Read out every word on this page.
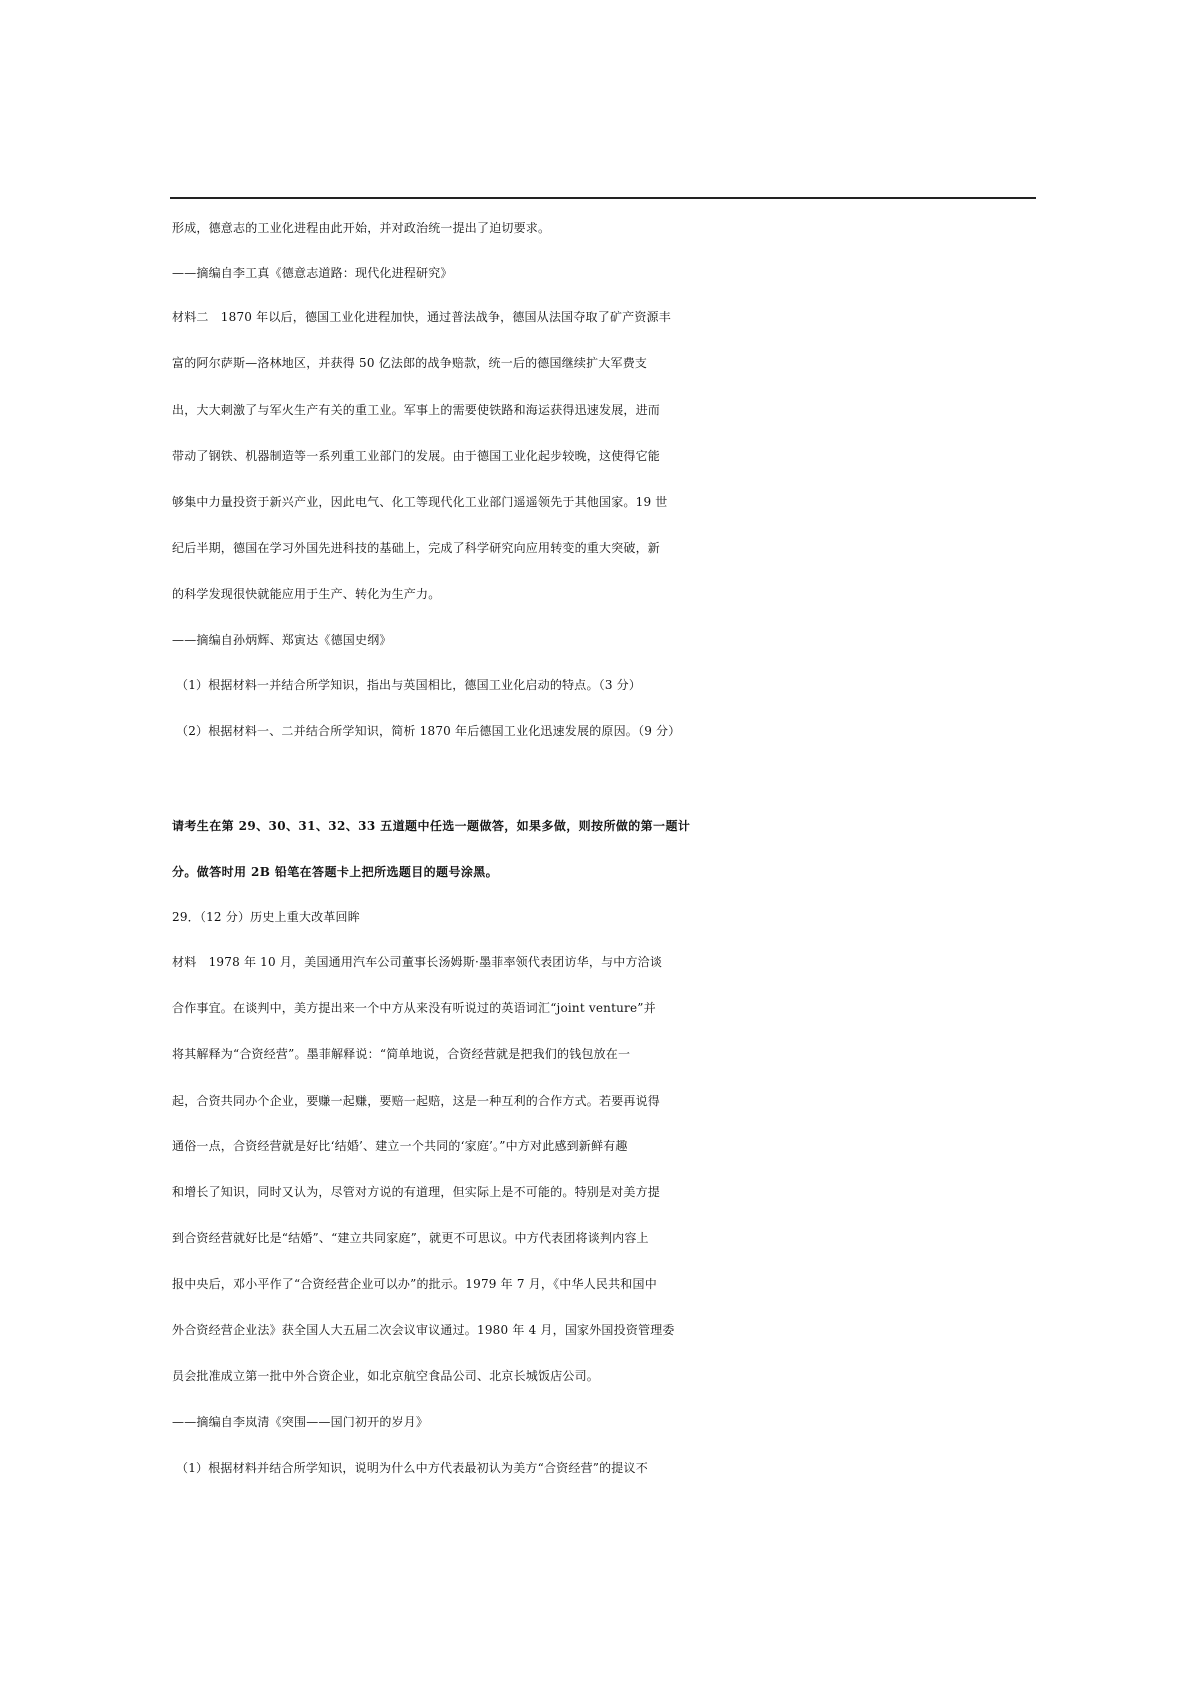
形成，德意志的工业化进程由此开始，并对政治统一提出了迫切要求。
——摘编自李工真《德意志道路：现代化进程研究》
材料二　1870 年以后，德国工业化进程加快，通过普法战争，德国从法国夺取了矿产资源丰
富的阿尔萨斯—洛林地区，并获得 50 亿法郎的战争赔款，统一后的德国继续扩大军费支
出，大大刺激了与军火生产有关的重工业。军事上的需要使铁路和海运获得迅速发展，进而
带动了钢铁、机器制造等一系列重工业部门的发展。由于德国工业化起步较晚，这使得它能
够集中力量投资于新兴产业，因此电气、化工等现代化工业部门遥遥领先于其他国家。19 世
纪后半期，德国在学习外国先进科技的基础上，完成了科学研究向应用转变的重大突破，新
的科学发现很快就能应用于生产、转化为生产力。
——摘编自孙炳辉、郑寅达《德国史纲》
（1）根据材料一并结合所学知识，指出与英国相比，德国工业化启动的特点。（3 分）
（2）根据材料一、二并结合所学知识，简析 1870 年后德国工业化迅速发展的原因。（9 分）
请考生在第 29、30、31、32、33 五道题中任选一题做答，如果多做，则按所做的第一题计
分。做答时用 2B 铅笔在答题卡上把所选题目的题号涂黑。
29．（12 分）历史上重大改革回眸
材料　1978 年 10 月，美国通用汽车公司董事长汤姆斯·墨菲率领代表团访华，与中方洽谈
合作事宜。在谈判中，美方提出来一个中方从来没有听说过的英语词汇“joint venture”并
将其解释为“合资经营”。墨菲解释说：“简单地说，合资经营就是把我们的钱包放在一
起，合资共同办个企业，要赚一起赚，要赔一起赔，这是一种互利的合作方式。若要再说得
通俗一点，合资经营就是好比‘结婚’、建立一个共同的‘家庭’。”中方对此感到新鲜有趣
和增长了知识，同时又认为，尽管对方说的有道理，但实际上是不可能的。特别是对美方提
到合资经营就好比是“结婚”、“建立共同家庭”，就更不可思议。中方代表团将谈判内容上
报中央后，邓小平作了“合资经营企业可以办”的批示。1979 年 7 月，《中华人民共和国中
外合资经营企业法》获全国人大五届二次会议审议通过。1980 年 4 月，国家外国投资管理委
员会批准成立第一批中外合资企业，如北京航空食品公司、北京长城饭店公司。
——摘编自李岚清《突围——国门初开的岁月》
（1）根据材料并结合所学知识，说明为什么中方代表最初认为美方“合资经营”的提议不
